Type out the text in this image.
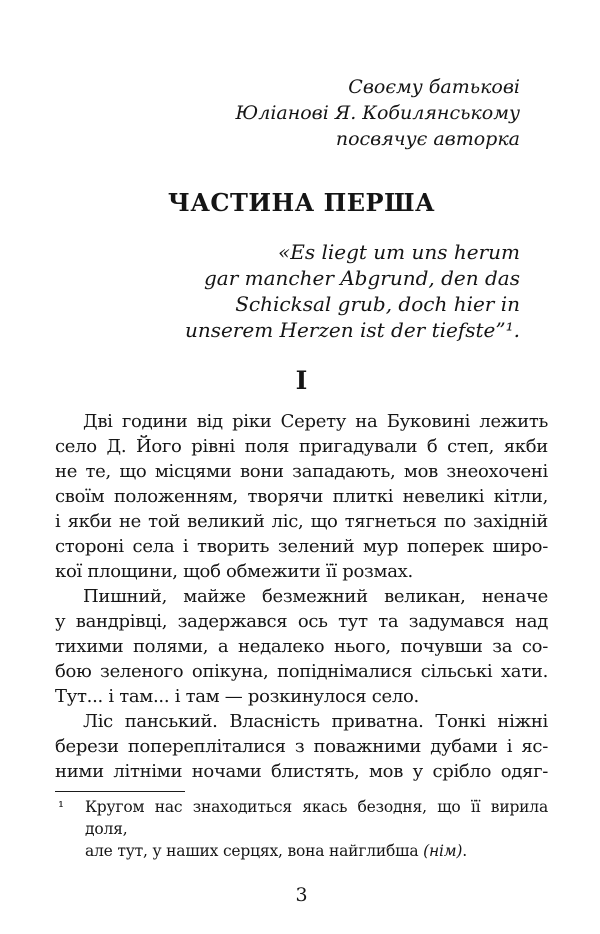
Своєму батькові
Юліанові Я. Кобилянському
посвячує авторка
ЧАСТИНА ПЕРША
«Es liegt um uns herum
gar mancher Abgrund, den das
Schicksal grub, doch hier in
unserem Herzen ist der tiefste”¹.
I
Дві години від ріки Серету на Буковині лежить
село Д. Його рівні поля пригадували б степ, якби
не те, що місцями вони западають, мов знеохочені
своїм положенням, творячи плиткі невеликі кітли,
і якби не той великий ліс, що тягнеться по західній
стороні села і творить зелений мур поперек широ-
кої площини, щоб обмежити її розмах.
Пишний, майже безмежний великан, неначе
у вандрівці, задержався ось тут та задумався над
тихими полями, а недалеко нього, почувши за со-
бою зеленого опікуна, попіднімалися сільські хати.
Тут... і там... і там — розкинулося село.
Ліс панський. Власність приватна. Тонкі ніжні
берези поперепліталися з поважними дубами і яс-
ними літніми ночами блистять, мов у срібло одяг-
¹ Кругом нас знаходиться якась безодня, що її вирила доля,
але тут, у наших серцях, вона найглибша (нім).
3
